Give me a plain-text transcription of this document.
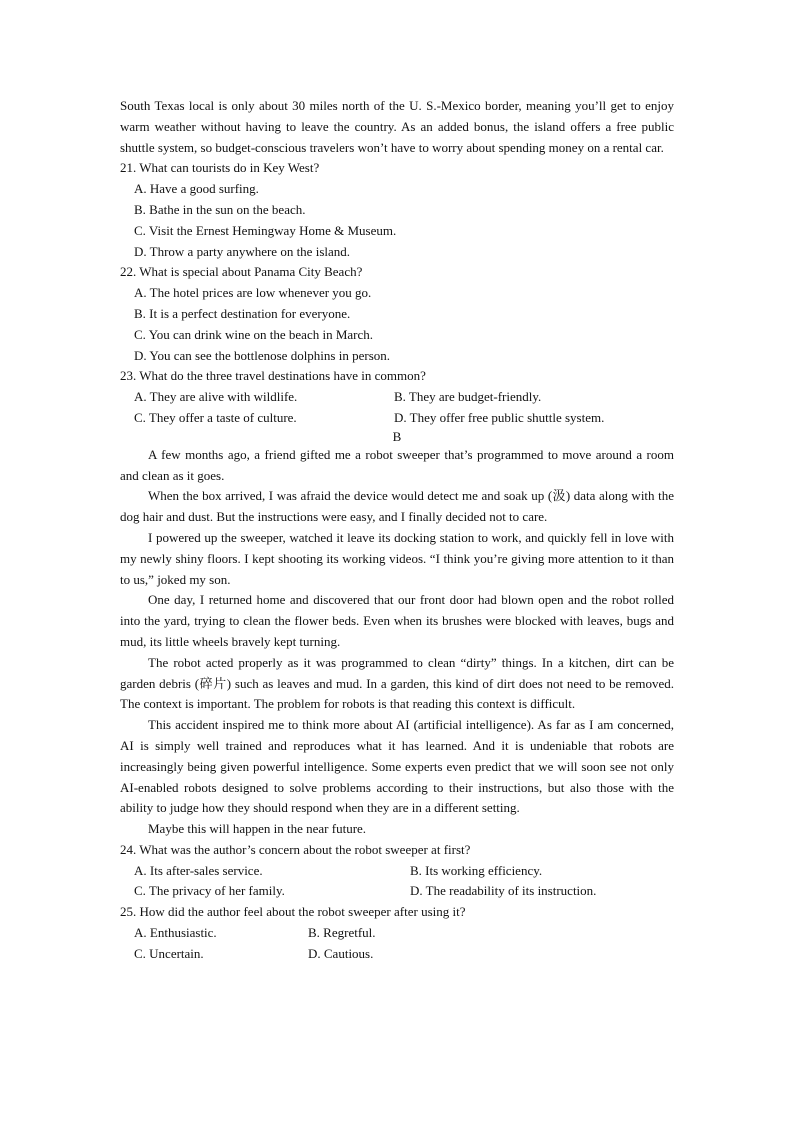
South Texas local is only about 30 miles north of the U. S.-Mexico border, meaning you’ll get to enjoy warm weather without having to leave the country. As an added bonus, the island offers a free public shuttle system, so budget-conscious travelers won’t have to worry about spending money on a rental car.

21. What can tourists do in Key West?

A. Have a good surfing.

B. Bathe in the sun on the beach.

C. Visit the Ernest Hemingway Home & Museum.

D. Throw a party anywhere on the island.

22. What is special about Panama City Beach?

A. The hotel prices are low whenever you go.

B. It is a perfect destination for everyone.

C. You can drink wine on the beach in March.

D. You can see the bottlenose dolphins in person.

23. What do the three travel destinations have in common?

A. They are alive with wildlife.	B. They are budget-friendly.
C. They offer a taste of culture.	D. They offer free public shuttle system.

B

A few months ago, a friend gifted me a robot sweeper that’s programmed to move around a room and clean as it goes.

When the box arrived, I was afraid the device would detect me and soak up (汲) data along with the dog hair and dust. But the instructions were easy, and I finally decided not to care.

I powered up the sweeper, watched it leave its docking station to work, and quickly fell in love with my newly shiny floors. I kept shooting its working videos. “I think you’re giving more attention to it than to us,” joked my son.

One day, I returned home and discovered that our front door had blown open and the robot rolled into the yard, trying to clean the flower beds. Even when its brushes were blocked with leaves, bugs and mud, its little wheels bravely kept turning.

The robot acted properly as it was programmed to clean “dirty” things. In a kitchen, dirt can be garden debris (碎片) such as leaves and mud. In a garden, this kind of dirt does not need to be removed. The context is important. The problem for robots is that reading this context is difficult.

This accident inspired me to think more about AI (artificial intelligence). As far as I am concerned, AI is simply well trained and reproduces what it has learned. And it is undeniable that robots are increasingly being given powerful intelligence. Some experts even predict that we will soon see not only AI-enabled robots designed to solve problems according to their instructions, but also those with the ability to judge how they should respond when they are in a different setting.

Maybe this will happen in the near future.

24. What was the author’s concern about the robot sweeper at first?

A. Its after-sales service.	B. Its working efficiency.
C. The privacy of her family.	D. The readability of its instruction.

25. How did the author feel about the robot sweeper after using it?

A. Enthusiastic.	B. Regretful.
C. Uncertain.	D. Cautious.
